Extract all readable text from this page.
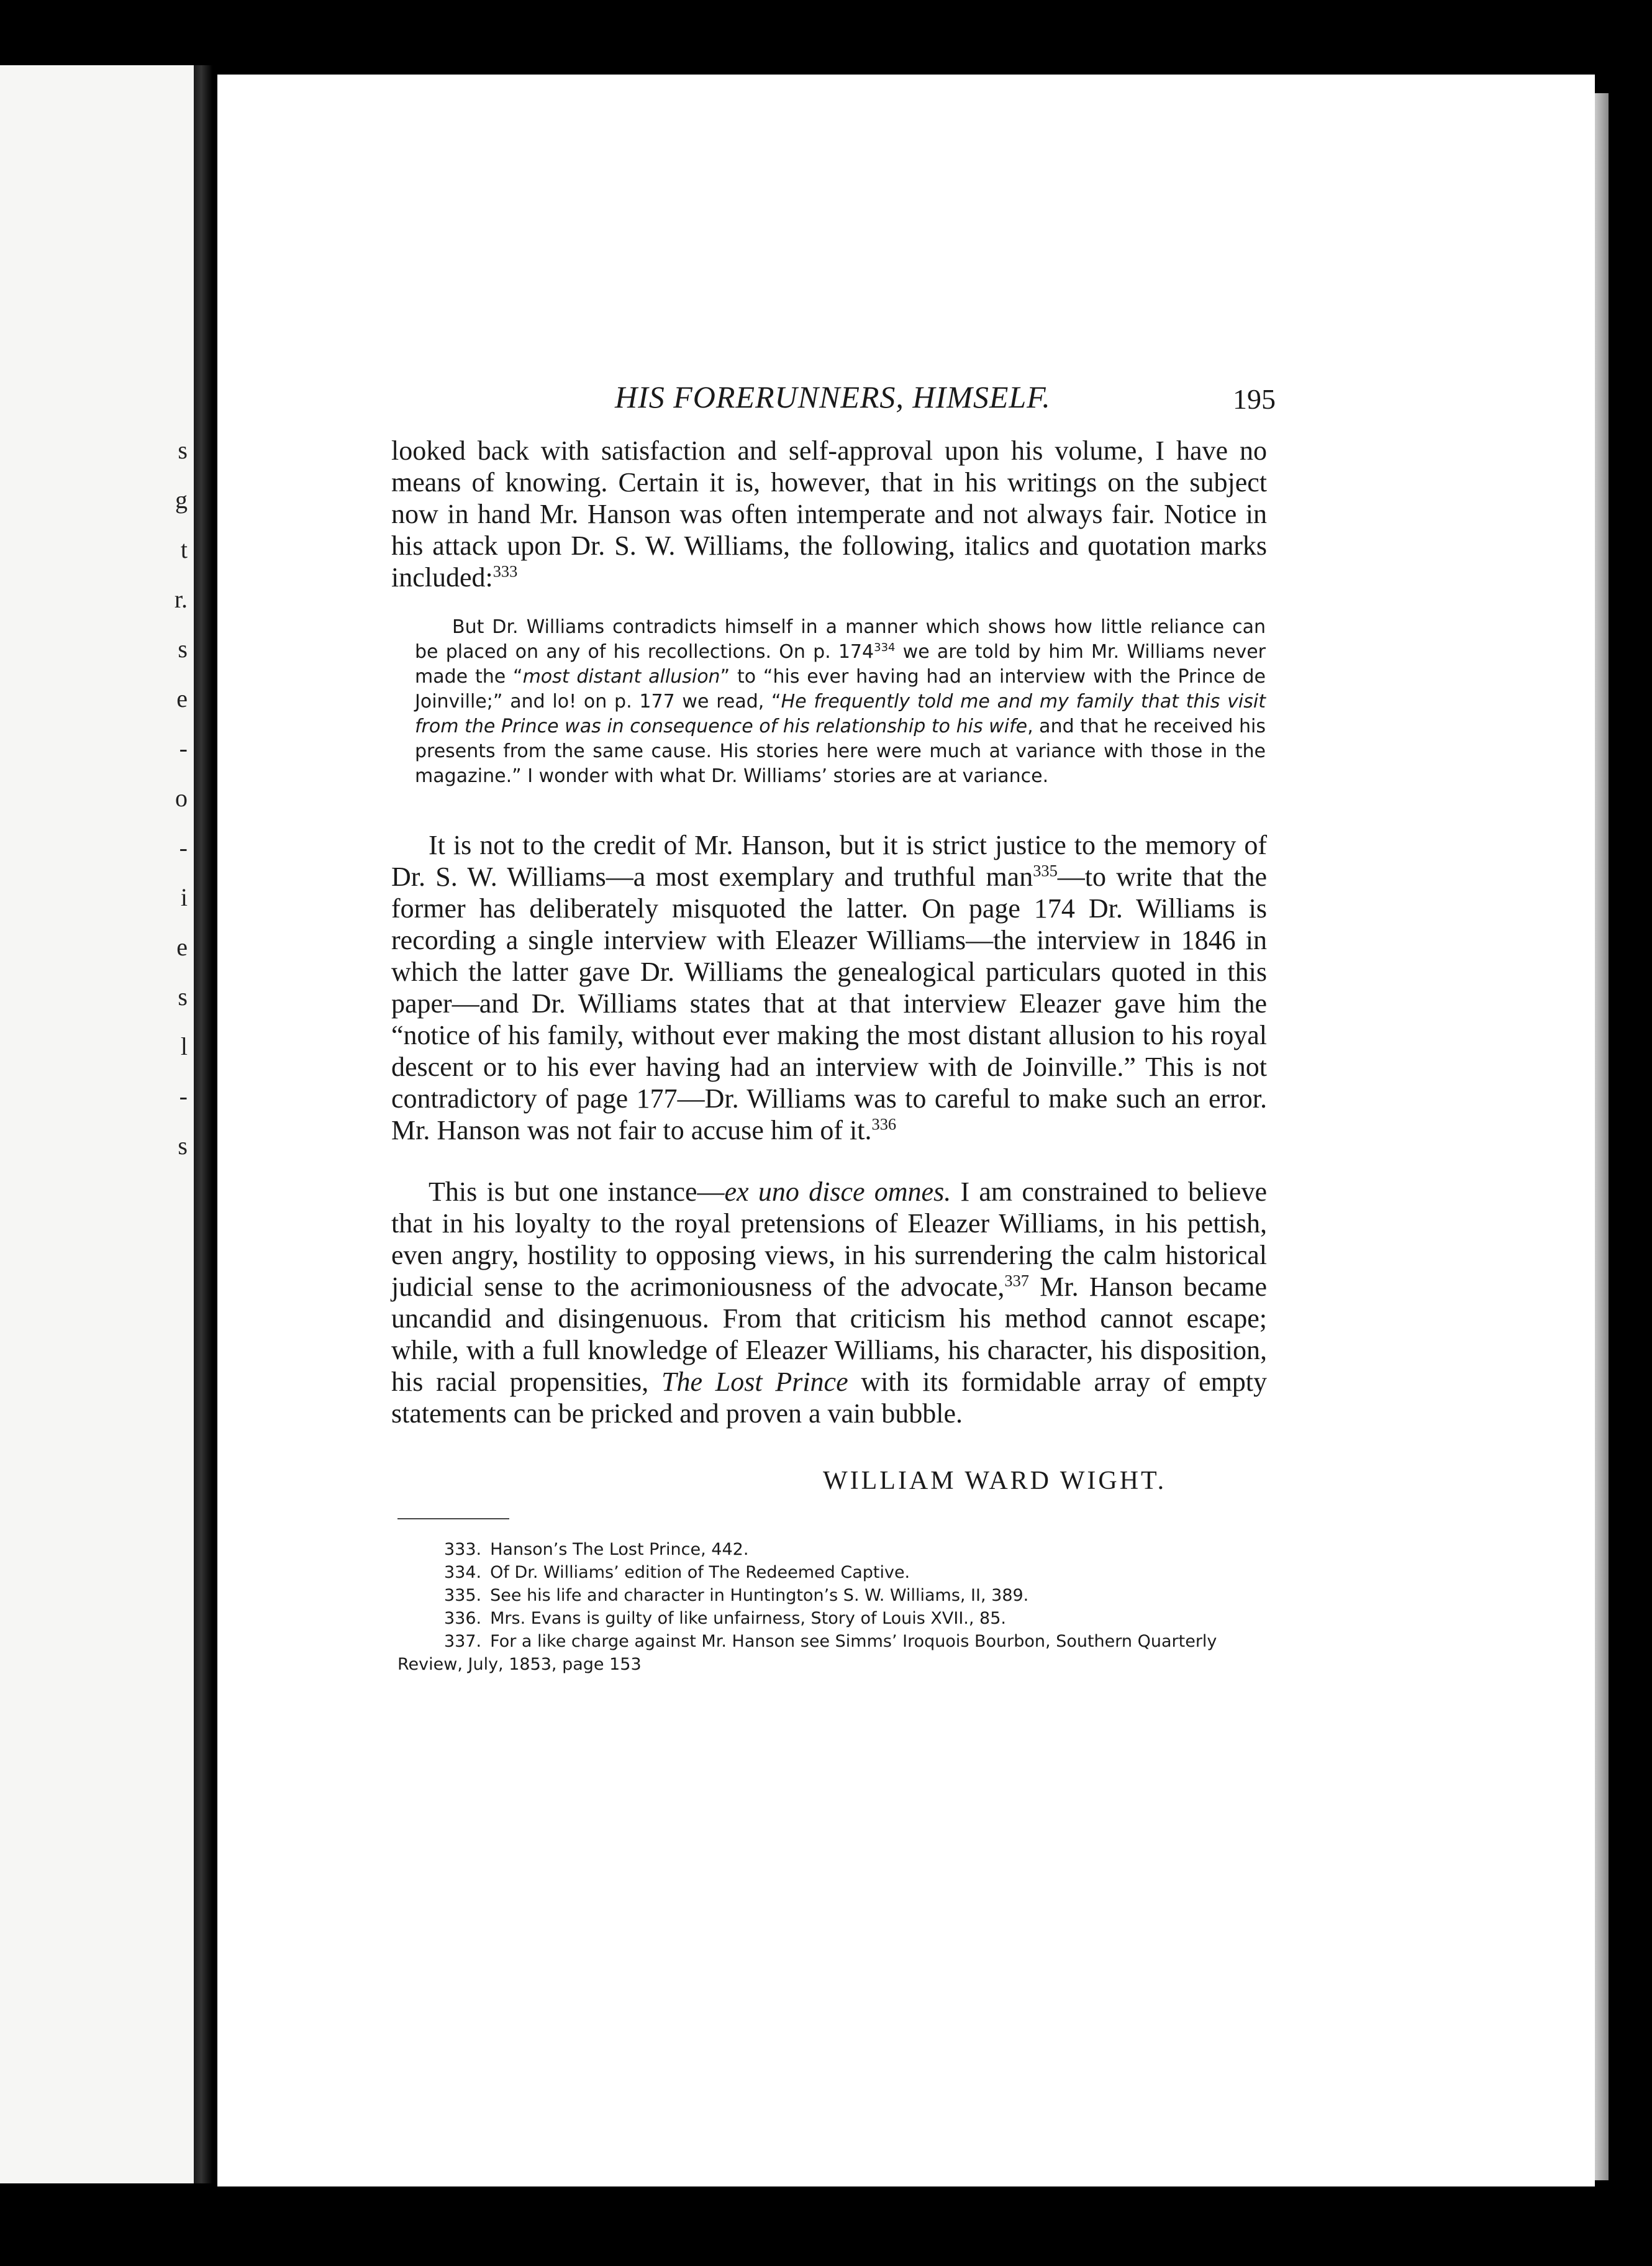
s
g
t
r.
s
e
-
o
-
i
e
s
l
-
s
HIS FORERUNNERS, HIMSELF.	195

looked back with satisfaction and self-approval upon his volume, I have no means of knowing. Certain it is, however, that in his writings on the subject now in hand Mr. Hanson was often intemperate and not always fair. Notice in his attack upon Dr. S. W. Williams, the following, italics and quotation marks included:$^{333}$

But Dr. Williams contradicts himself in a manner which shows how little reliance can be placed on any of his recollections. On p. $174^{334}$ we are told by him Mr. Williams never made the “most distant allusion” to “his ever having had an interview with the Prince de Joinville;” and lo! on p. 177 we read, “He frequently told me and my family that this visit from the Prince was in consequence of his relationship to his wife, and that he received his presents from the same cause. His stories here were much at variance with those in the magazine.” I wonder with what Dr. Williams’ stories are at variance.

It is not to the credit of Mr. Hanson, but it is strict justice to the memory of Dr. S. W. Williams—a most exemplary and truthful man$^{335}$—to write that the former has deliberately misquoted the latter. On page 174 Dr. Williams is recording a single interview with Eleazer Williams—the interview in 1846 in which the latter gave Dr. Williams the genealogical particulars quoted in this paper—and Dr. Williams states that at that interview Eleazer gave him the “notice of his family, without ever making the most distant allusion to his royal descent or to his ever having had an interview with de Joinville.” This is not contradictory of page 177—Dr. Williams was to careful to make such an error. Mr. Hanson was not fair to accuse him of it.$^{336}$

This is but one instance—ex uno disce omnes. I am constrained to believe that in his loyalty to the royal pretensions of Eleazer Williams, in his pettish, even angry, hostility to opposing views, in his surrendering the calm historical judicial sense to the acrimoniousness of the advocate,$^{337}$ Mr. Hanson became uncandid and disingenuous. From that criticism his method cannot escape; while, with a full knowledge of Eleazer Williams, his character, his disposition, his racial propensities, The Lost Prince with its formidable array of empty statements can be pricked and proven a vain bubble.

WILLIAM WARD WIGHT.

333. Hanson’s The Lost Prince, 442.

334. Of Dr. Williams’ edition of The Redeemed Captive.

335. See his life and character in Huntington’s S. W. Williams, II, 389.

336. Mrs. Evans is guilty of like unfairness, Story of Louis XVII., 85.

337. For a like charge against Mr. Hanson see Simms’ Iroquois Bourbon, Southern Quarterly Review, July, 1853, page 153
